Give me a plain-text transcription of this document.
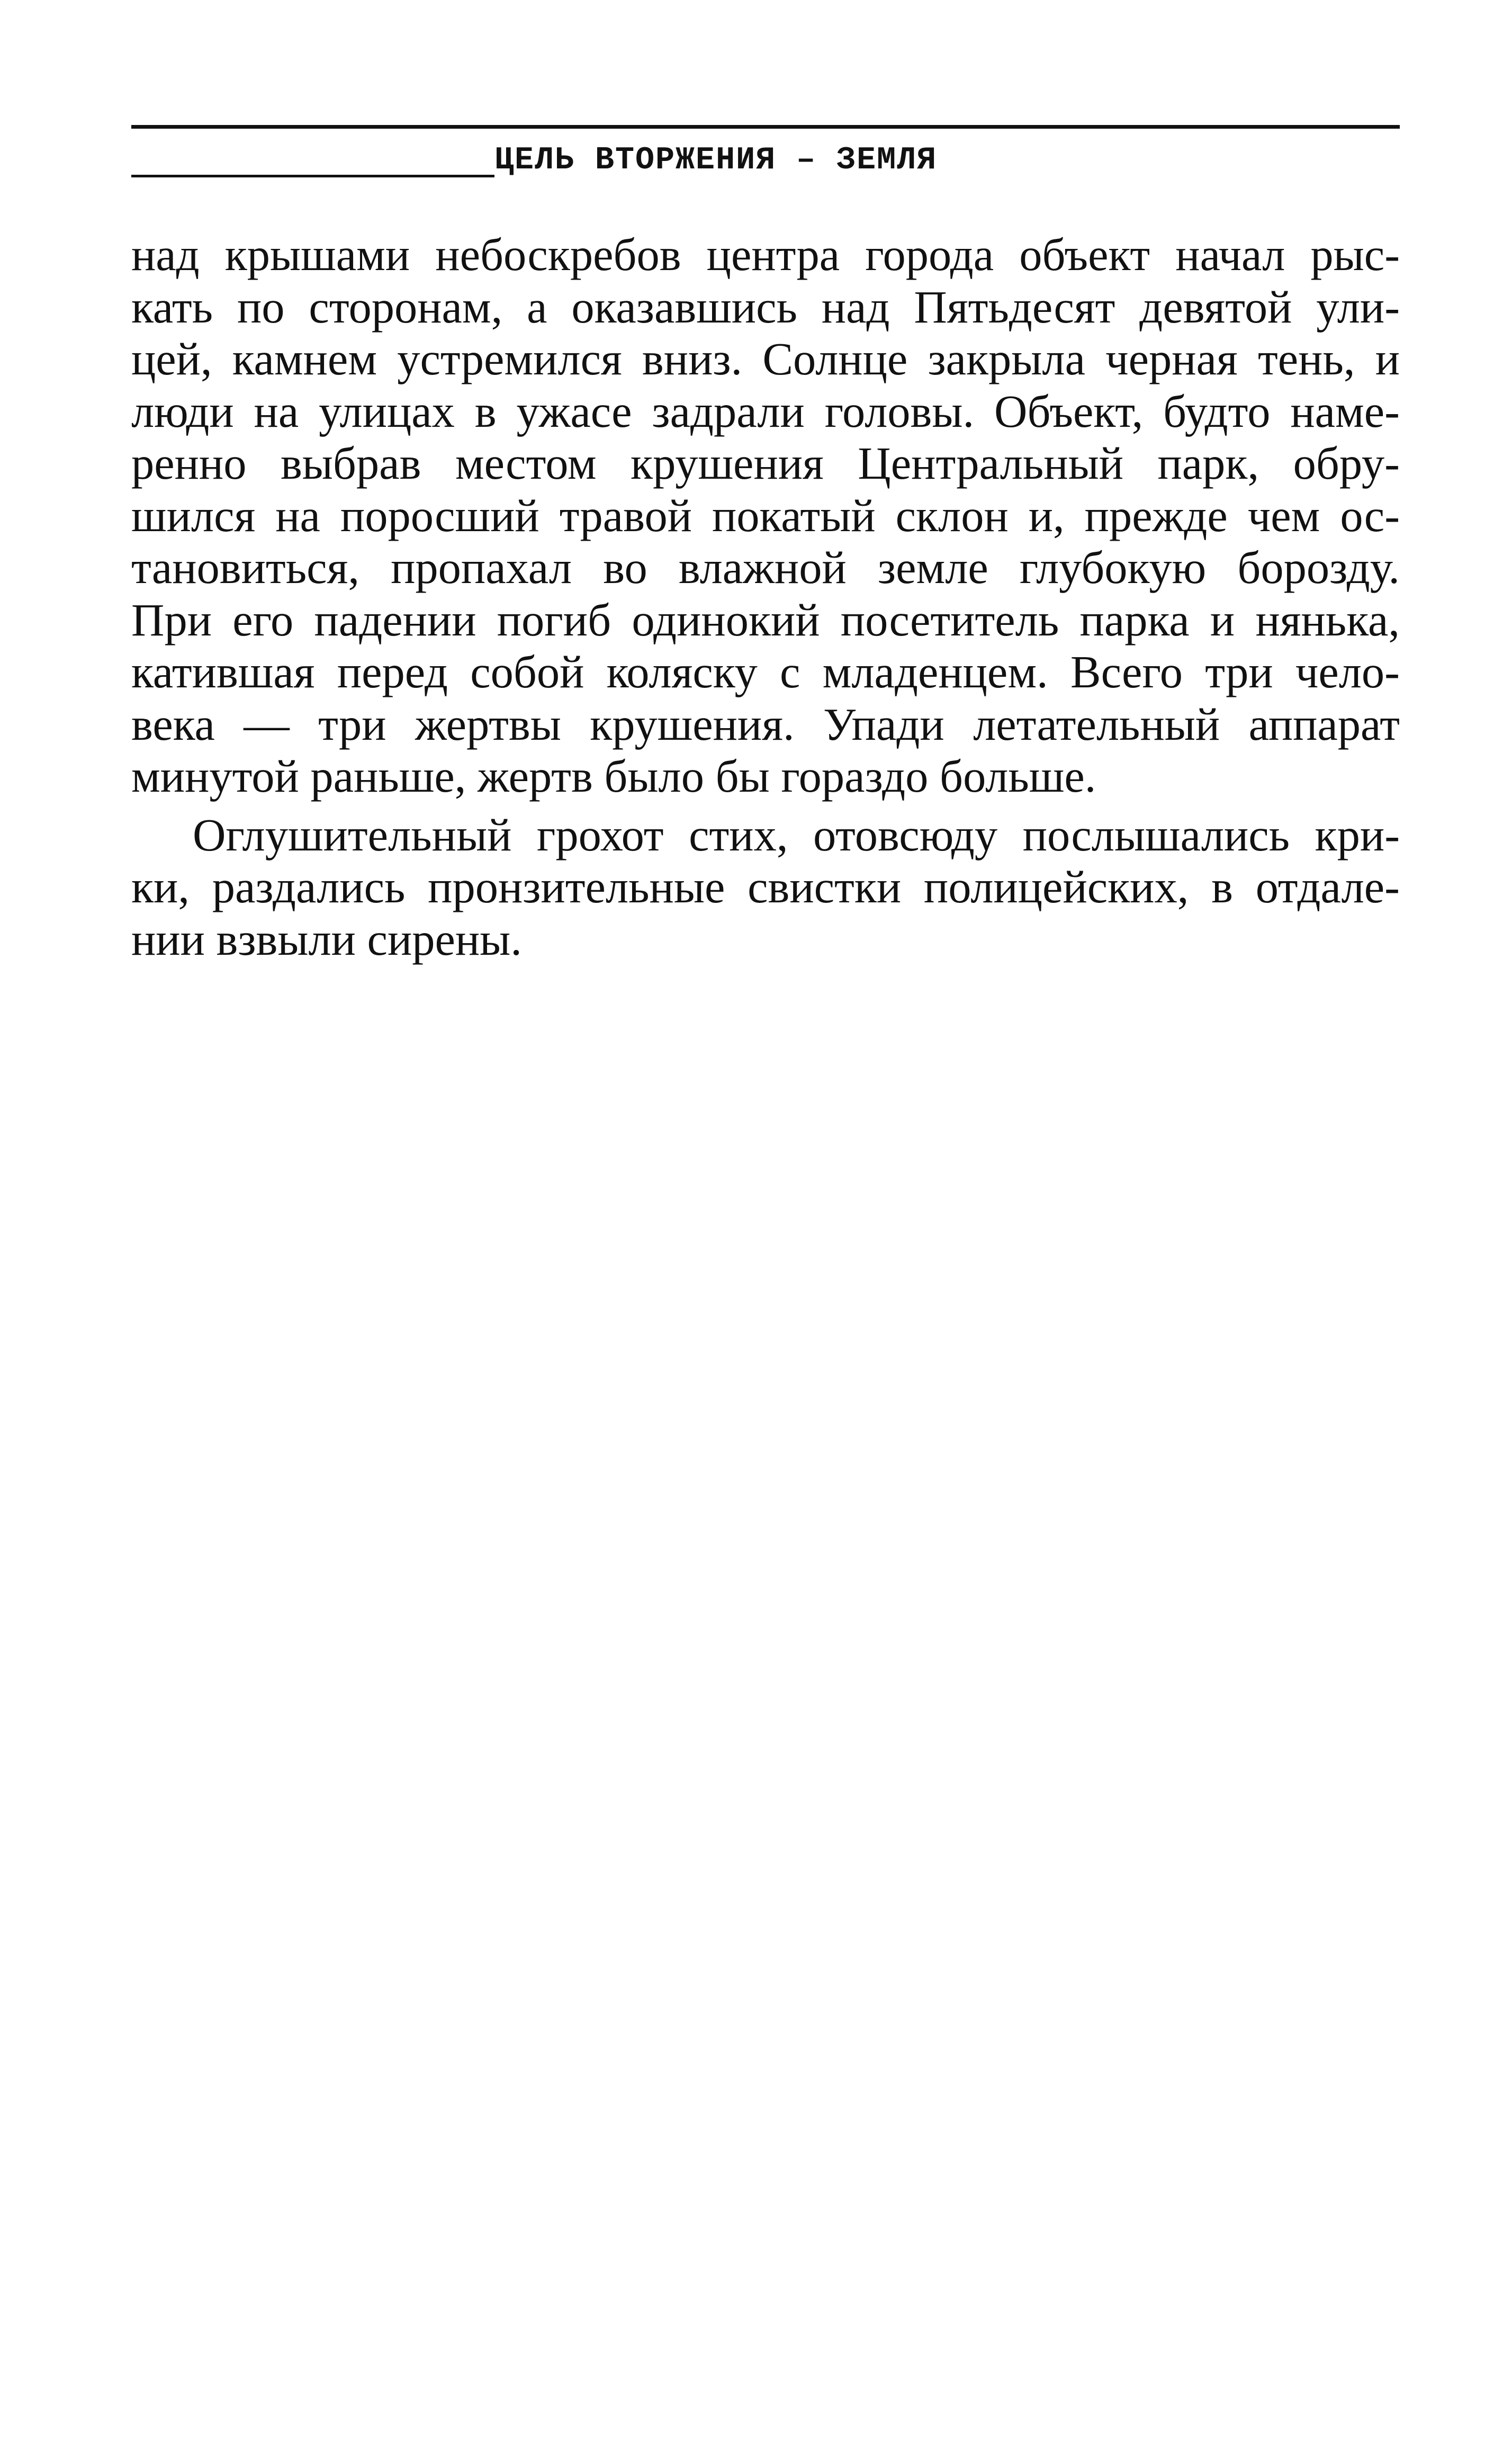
ЦЕЛЬ ВТОРЖЕНИЯ – ЗЕМЛЯ
над крышами небоскребов центра города объект начал рыс-
кать по сторонам, а оказавшись над Пятьдесят девятой ули-
цей, камнем устремился вниз. Солнце закрыла черная тень, и
люди на улицах в ужасе задрали головы. Объект, будто наме-
ренно выбрав местом крушения Центральный парк, обру-
шился на поросший травой покатый склон и, прежде чем ос-
тановиться, пропахал во влажной земле глубокую борозду.
При его падении погиб одинокий посетитель парка и нянька,
катившая перед собой коляску с младенцем. Всего три чело-
века — три жертвы крушения. Упади летательный аппарат
минутой раньше, жертв было бы гораздо больше.
Оглушительный грохот стих, отовсюду послышались кри-
ки, раздались пронзительные свистки полицейских, в отдале-
нии взвыли сирены.
